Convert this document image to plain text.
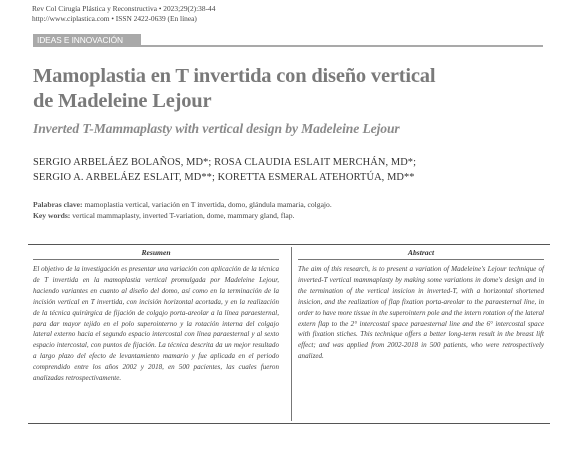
Rev Col Cirugía Plástica y Reconstructiva • 2023;29(2):38-44
http://www.ciplastica.com • ISSN 2422-0639 (En línea)
IDEAS E INNOVACIÓN
Mamoplastia en T invertida con diseño vertical
de Madeleine Lejour
Inverted T-Mammaplasty with vertical design by Madeleine Lejour
SERGIO ARBELÁEZ BOLAÑOS, MD*; ROSA CLAUDIA ESLAIT MERCHÁN, MD*;
SERGIO A. ARBELÁEZ ESLAIT, MD**; KORETTA ESMERAL ATEHORTÚA, MD**
Palabras clave: mamoplastia vertical, variación en T invertida, domo, glándula mamaria, colgajo.
Key words: vertical mammaplasty, inverted T-variation, dome, mammary gland, flap.
Resumen
El objetivo de la investigación es presentar una variación con aplicación de la técnica de T invertida en la mamoplastia vertical promulgada por Madeleine Lejour, haciendo variantes en cuanto al diseño del domo, así como en la terminación de la incisión vertical en T invertida, con incisión horizontal acortada, y en la realización de la técnica quirúrgica de fijación de colgajo porta-areolar a la línea paraesternal, para dar mayor tejido en el polo superointerno y la rotación interna del colgajo lateral externo hacia el segundo espacio intercostal con línea paraesternal y al sexto espacio intercostal, con puntos de fijación. La técnica descrita da un mejor resultado a largo plazo del efecto de levantamiento mamario y fue aplicada en el periodo comprendido entre los años 2002 y 2018, en 500 pacientes, las cuales fueron analizadas retrospectivamente.
Abstract
The aim of this research, is to present a variation of Madeleine's Lejour technique of inverted-T vertical mammaplasty by making some variations in dome's design and in the termination of the vertical insicion in inverted-T, with a horizontal shortened insicion, and the realization of flap fixation porta-areolar to the paraesternal line, in order to have more tissue in the superointern pole and the intern rotation of the lateral extern flap to the 2° intercostal space paraesternal line and the 6° intercostal space with fixation stiches. This technique offers a better long-term result in the breast lift effect; and was applied from 2002-2018 in 500 patients, who were retrospectively analized.
